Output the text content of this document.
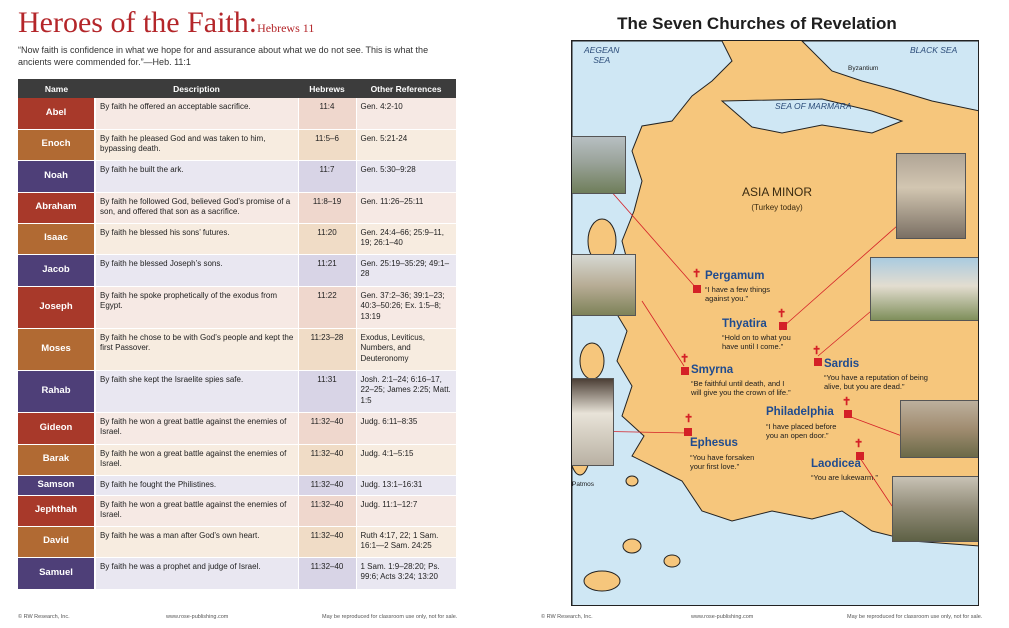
Heroes of the Faith:Hebrews 11
“Now faith is confidence in what we hope for and assurance about what we do not see. This is what the ancients were commended for.”—Heb. 11:1
Name	Description	Hebrews	Other References
Abel	By faith he offered an acceptable sacrifice.	11:4	Gen. 4:2-10
Enoch	By faith he pleased God and was taken to him, bypassing death.	11:5–6	Gen. 5:21-24
Noah	By faith he built the ark.	11:7	Gen. 5:30–9:28
Abraham	By faith he followed God, believed God’s promise of a son, and offered that son as a sacrifice.	11:8–19	Gen. 11:26–25:11
Isaac	By faith he blessed his sons’ futures.	11:20	Gen. 24:4–66; 25:9–11, 19; 26:1–40
Jacob	By faith he blessed Joseph’s sons.	11:21	Gen. 25:19–35:29; 49:1–28
Joseph	By faith he spoke prophetically of the exodus from Egypt.	11:22	Gen. 37:2–36; 39:1–23; 40:3–50:26; Ex. 1:5–8; 13:19
Moses	By faith he chose to be with God’s people and kept the first Passover.	11:23–28	Exodus, Leviticus, Numbers, and Deuteronomy
Rahab	By faith she kept the Israelite spies safe.	11:31	Josh. 2:1–24; 6:16–17, 22–25; James 2:25; Matt. 1:5
Gideon	By faith he won a great battle against the enemies of Israel.	11:32–40	Judg. 6:11–8:35
Barak	By faith he won a great battle against the enemies of Israel.	11:32–40	Judg. 4:1–5:15
Samson	By faith he fought the Philistines.	11:32–40	Judg. 13:1–16:31
Jephthah	By faith he won a great battle against the enemies of Israel.	11:32–40	Judg. 11:1–12:7
David	By faith he was a man after God’s own heart.	11:32–40	Ruth 4:17, 22; 1 Sam. 16:1—2 Sam. 24:25
Samuel	By faith he was a prophet and judge of Israel.	11:32–40	1 Sam. 1:9–28:20; Ps. 99:6; Acts 3:24; 13:20
© RW Research, Inc.	www.rose-publishing.com	May be reproduced for classroom use only, not for sale.
The Seven Churches of Revelation
AEGEAN
SEA
BLACK SEA
SEA OF MARMARA
Byzantium
Patmos
ASIA MINOR
(Turkey today)
✝ Pergamum
“I have a few things against you.”
✝
Thyatira
“Hold on to what you have until I come.”	✝
Sardis
“You have a reputation of being alive, but you are dead.”
✝
Smyrna
“Be faithful until death, and I will give you the crown of life.”
✝
Philadelphia
“I have placed before you an open door.”
✝
Ephesus
“You have forsaken your first love.”
✝
Laodicea
“You are lukewarm.”
© RW Research, Inc.	www.rose-publishing.com	May be reproduced for classroom use only, not for sale.
